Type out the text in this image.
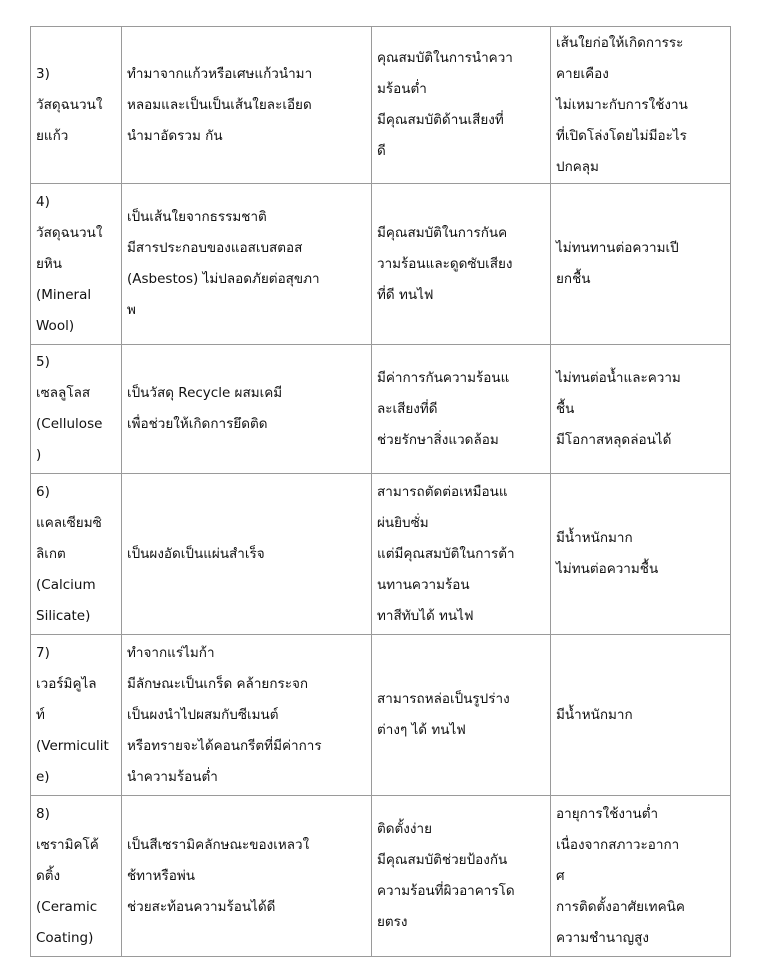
3)
วัสดุฉนวนใ
ยแก้ว	ทำมาจากแก้วหรือเศษแก้วนำมา
หลอมและเป็นเป็นเส้นใยละเอียด
นำมาอัดรวม กัน	คุณสมบัติในการนำควา
มร้อนต่ำ
มีคุณสมบัติด้านเสียงที่
ดี	เส้นใยก่อให้เกิดการระ
คายเคือง
ไม่เหมาะกับการใช้งาน
ที่เปิดโล่งโดยไม่มีอะไร
ปกคลุม

4)
วัสดุฉนวนใ
ยหิน
(Mineral
Wool)	เป็นเส้นใยจากธรรมชาติ
มีสารประกอบของแอสเบสตอส
(Asbestos) ไม่ปลอดภัยต่อสุขภา
พ	มีคุณสมบัติในการกันค
วามร้อนและดูดซับเสียง
ที่ดี ทนไฟ	ไม่ทนทานต่อความเปี
ยกชื้น

5)
เซลลูโลส
(Cellulose
)	เป็นวัสดุ Recycle ผสมเคมี
เพื่อช่วยให้เกิดการยึดติด	มีค่าการกันความร้อนแ
ละเสียงที่ดี
ช่วยรักษาสิ่งแวดล้อม	ไม่ทนต่อน้ำและความ
ชื้น
มีโอกาสหลุดล่อนได้

6)
แคลเซียมซิ
ลิเกต
(Calcium
Silicate)	เป็นผงอัดเป็นแผ่นสำเร็จ	สามารถตัดต่อเหมือนแ
ผ่นยิบซั่ม
แต่มีคุณสมบัติในการต้า
นทานความร้อน
ทาสีทับได้ ทนไฟ	มีน้ำหนักมาก
ไม่ทนต่อความชื้น

7)
เวอร์มิคูไล
ท์
(Vermiculit
e)	ทำจากแร่ไมก้า
มีลักษณะเป็นเกร็ด คล้ายกระจก
เป็นผงนำไปผสมกับซีเมนต์
หรือทรายจะได้คอนกรีตที่มีค่าการ
นำความร้อนต่ำ	สามารถหล่อเป็นรูปร่าง
ต่างๆ ได้ ทนไฟ	มีน้ำหนักมาก

8)
เซรามิคโค้
ดติ้ง
(Ceramic
Coating)	เป็นสีเซรามิคลักษณะของเหลวใ
ช้ทาหรือพ่น
ช่วยสะท้อนความร้อนได้ดี	ติดตั้งง่าย
มีคุณสมบัติช่วยป้องกัน
ความร้อนที่ผิวอาคารโด
ยตรง	อายุการใช้งานต่ำ
เนื่องจากสภาวะอากา
ศ
การติดตั้งอาศัยเทคนิค
ความชำนาญสูง
